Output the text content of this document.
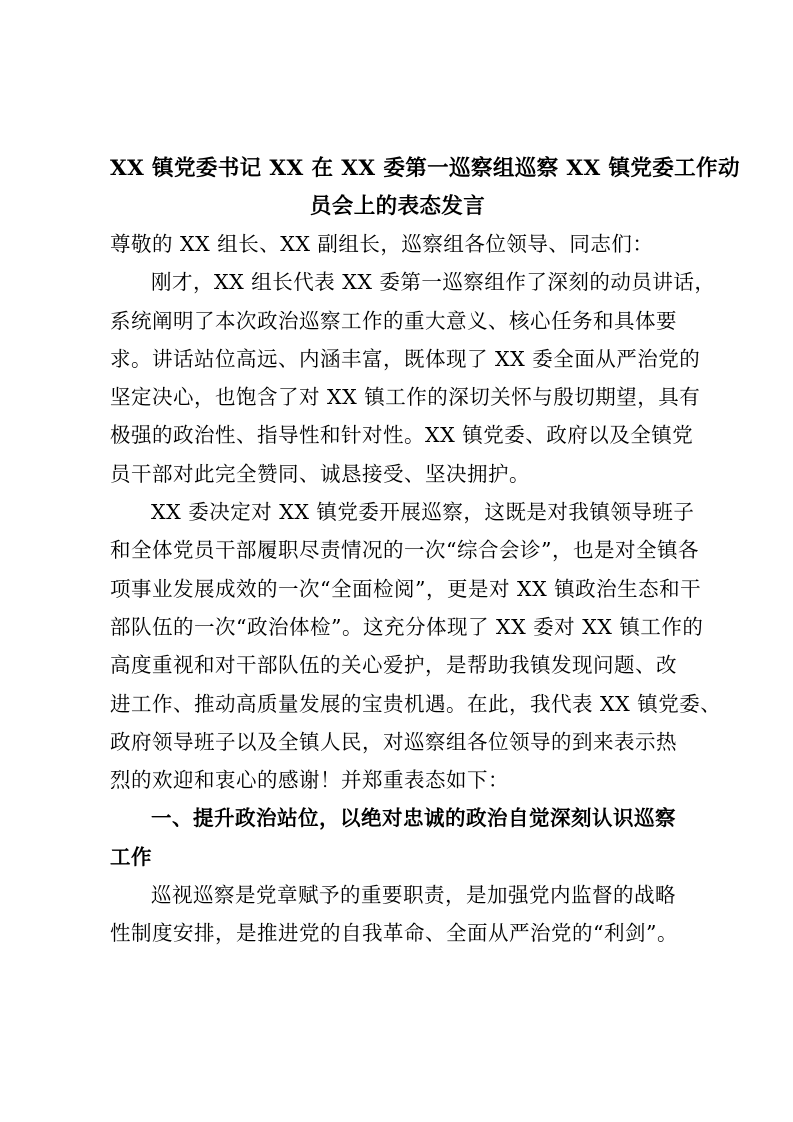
XX 镇党委书记 XX 在 XX 委第一巡察组巡察 XX 镇党委工作动
员会上的表态发言
尊敬的 XX 组长、XX 副组长，巡察组各位领导、同志们：
刚才，XX 组长代表 XX 委第一巡察组作了深刻的动员讲话，
系统阐明了本次政治巡察工作的重大意义、核心任务和具体要
求。讲话站位高远、内涵丰富，既体现了 XX 委全面从严治党的
坚定决心，也饱含了对 XX 镇工作的深切关怀与殷切期望，具有
极强的政治性、指导性和针对性。XX 镇党委、政府以及全镇党
员干部对此完全赞同、诚恳接受、坚决拥护。
XX 委决定对 XX 镇党委开展巡察，这既是对我镇领导班子
和全体党员干部履职尽责情况的一次“综合会诊”，也是对全镇各
项事业发展成效的一次“全面检阅”，更是对 XX 镇政治生态和干
部队伍的一次“政治体检”。这充分体现了 XX 委对 XX 镇工作的
高度重视和对干部队伍的关心爱护，是帮助我镇发现问题、改
进工作、推动高质量发展的宝贵机遇。在此，我代表 XX 镇党委、
政府领导班子以及全镇人民，对巡察组各位领导的到来表示热
烈的欢迎和衷心的感谢！并郑重表态如下：
一、提升政治站位，以绝对忠诚的政治自觉深刻认识巡察
工作
巡视巡察是党章赋予的重要职责，是加强党内监督的战略
性制度安排，是推进党的自我革命、全面从严治党的“利剑”。
